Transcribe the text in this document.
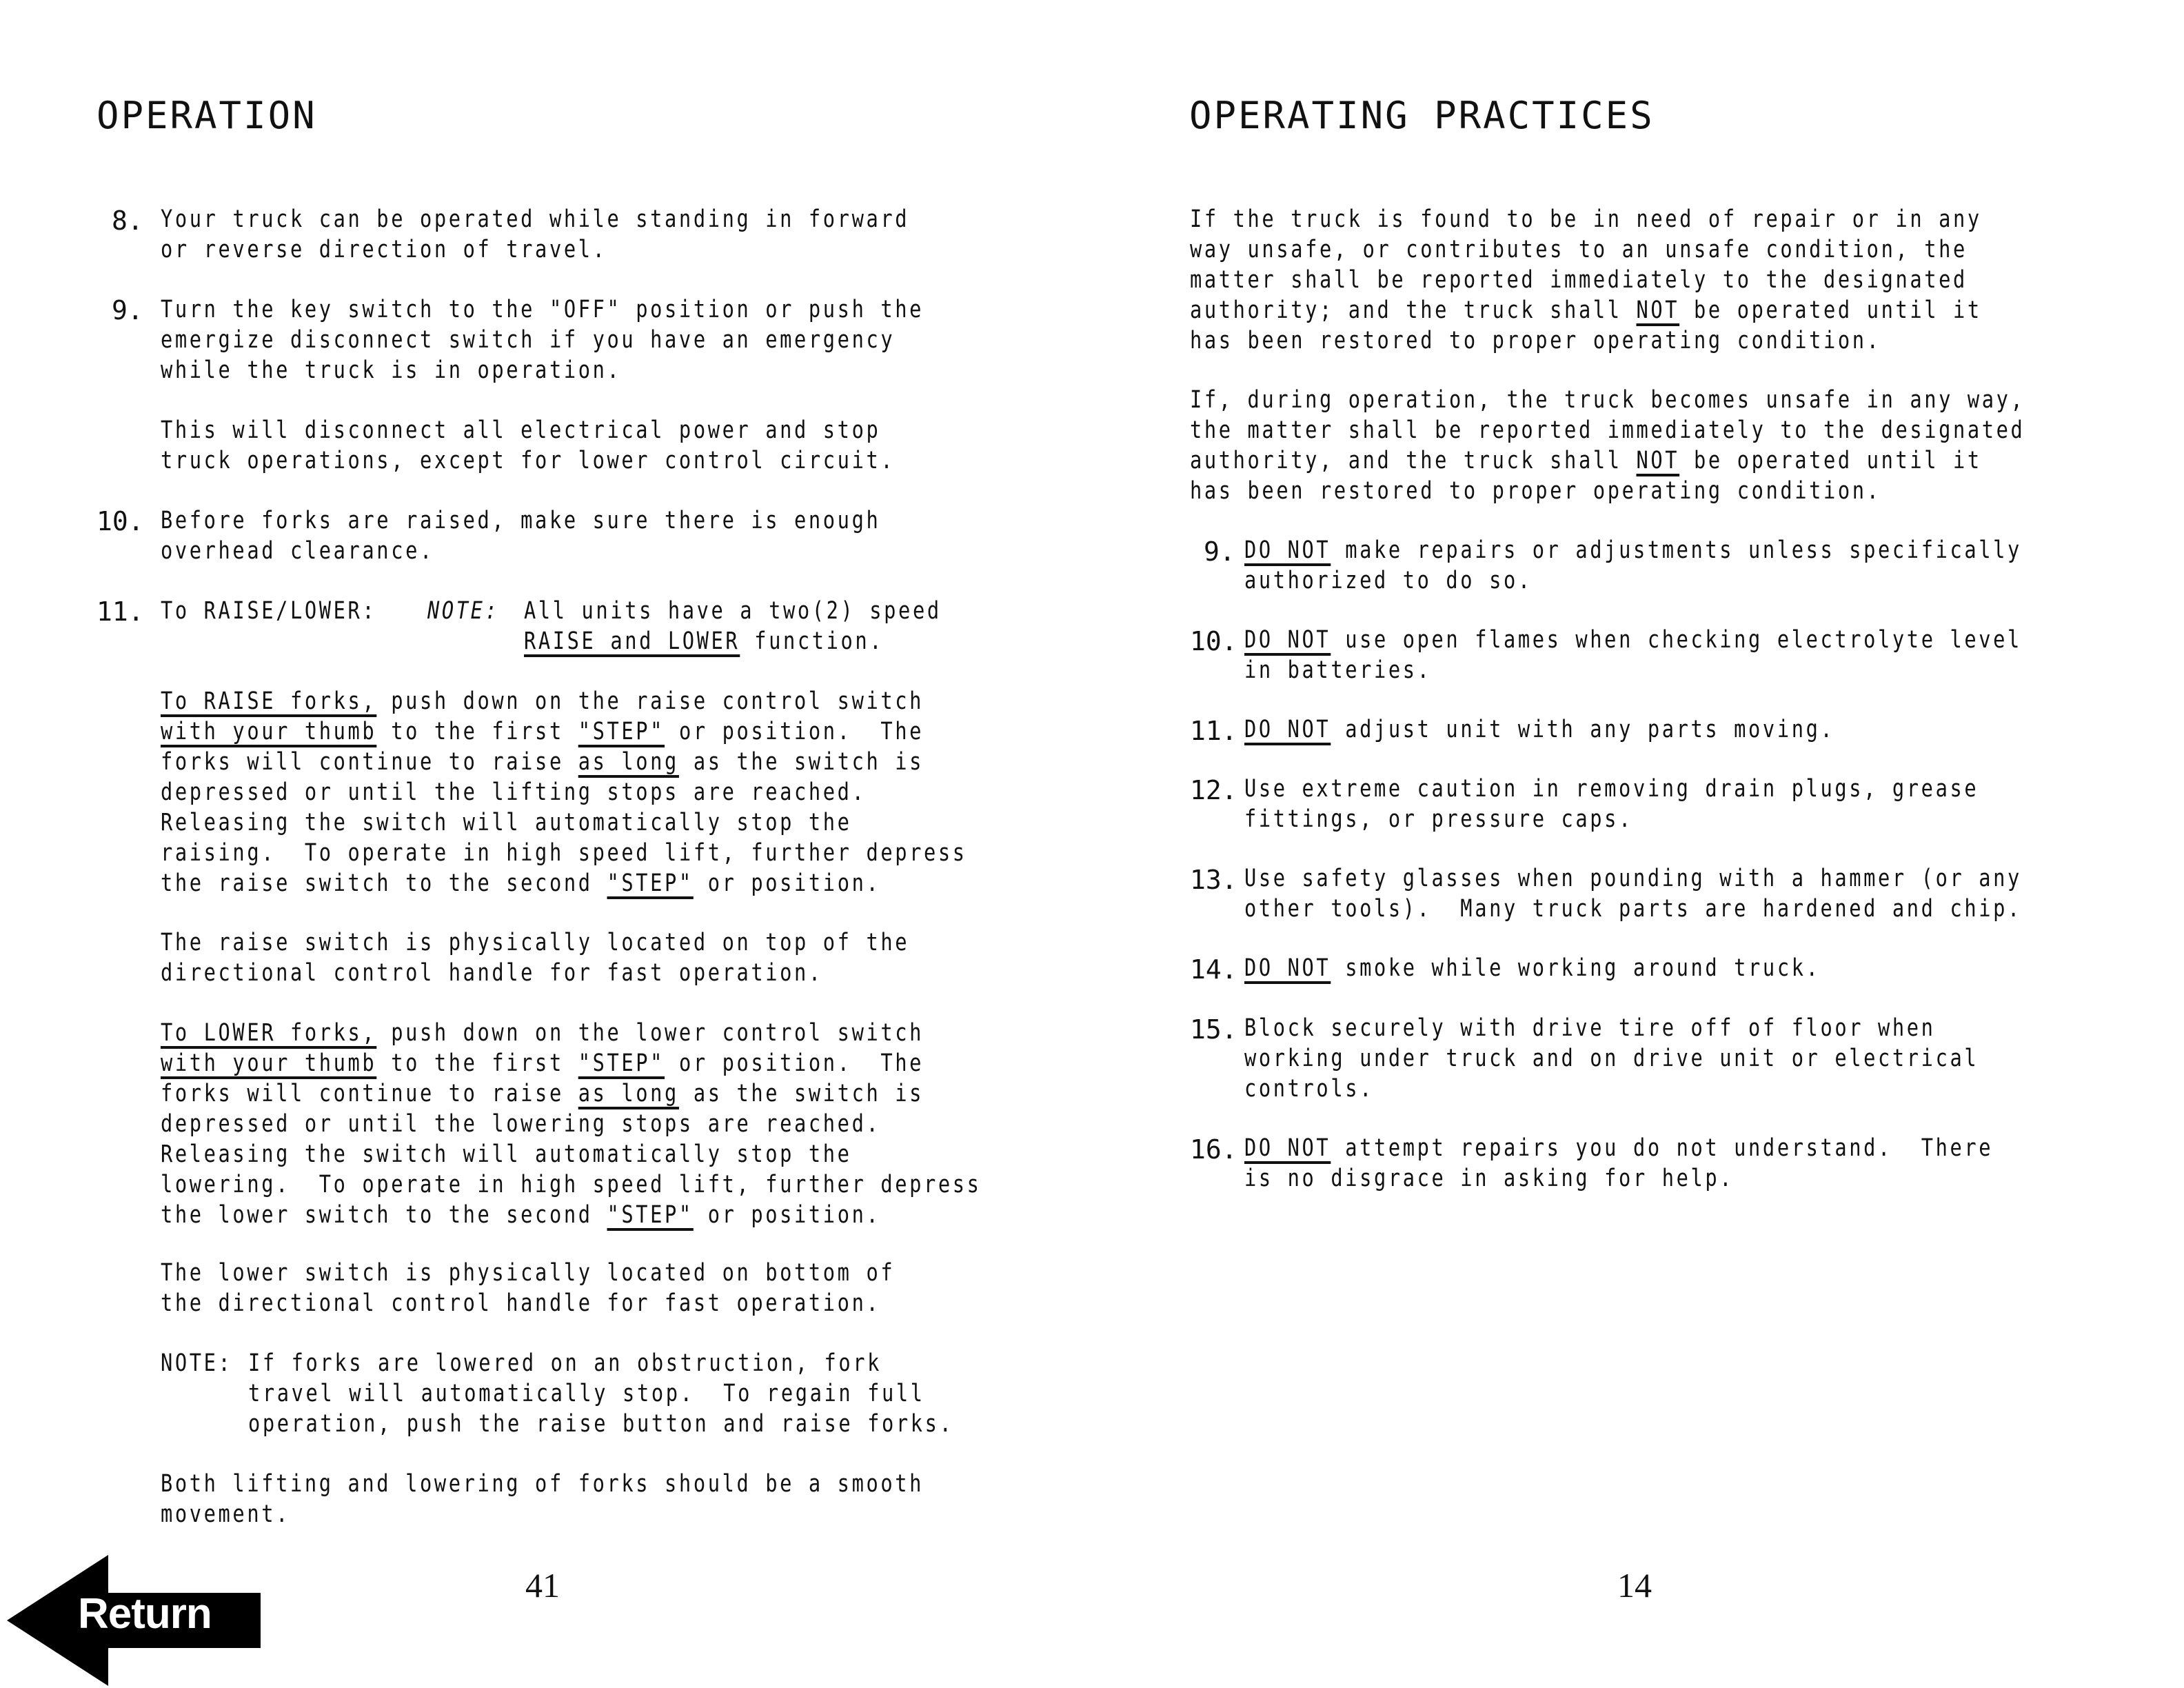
OPERATION
8. Your truck can be operated while standing in forward
or reverse direction of travel.
9. Turn the key switch to the "OFF" position or push the
emergize disconnect switch if you have an emergency
while the truck is in operation.
This will disconnect all electrical power and stop
truck operations, except for lower control circuit.
10. Before forks are raised, make sure there is enough
overhead clearance.
11. To RAISE/LOWER: NOTE: All units have a two(2) speed
RAISE and LOWER function.
To RAISE forks, push down on the raise control switch
with your thumb to the first "STEP" or position.  The
forks will continue to raise as long as the switch is
depressed or until the lifting stops are reached.
Releasing the switch will automatically stop the
raising.  To operate in high speed lift, further depress
the raise switch to the second "STEP" or position.
The raise switch is physically located on top of the
directional control handle for fast operation.
To LOWER forks, push down on the lower control switch
with your thumb to the first "STEP" or position.  The
forks will continue to raise as long as the switch is
depressed or until the lowering stops are reached.
Releasing the switch will automatically stop the
lowering.  To operate in high speed lift, further depress
the lower switch to the second "STEP" or position.
The lower switch is physically located on bottom of
the directional control handle for fast operation.
NOTE: If forks are lowered on an obstruction, fork
travel will automatically stop.  To regain full
operation, push the raise button and raise forks.
Both lifting and lowering of forks should be a smooth
movement.
41
Return
OPERATING PRACTICES
If the truck is found to be in need of repair or in any
way unsafe, or contributes to an unsafe condition, the
matter shall be reported immediately to the designated
authority; and the truck shall NOT be operated until it
has been restored to proper operating condition.
If, during operation, the truck becomes unsafe in any way,
the matter shall be reported immediately to the designated
authority, and the truck shall NOT be operated until it
has been restored to proper operating condition.
9. DO NOT make repairs or adjustments unless specifically
authorized to do so.
10. DO NOT use open flames when checking electrolyte level
in batteries.
11. DO NOT adjust unit with any parts moving.
12. Use extreme caution in removing drain plugs, grease
fittings, or pressure caps.
13. Use safety glasses when pounding with a hammer (or any
other tools).  Many truck parts are hardened and chip.
14. DO NOT smoke while working around truck.
15. Block securely with drive tire off of floor when
working under truck and on drive unit or electrical
controls.
16. DO NOT attempt repairs you do not understand.  There
is no disgrace in asking for help.
14
